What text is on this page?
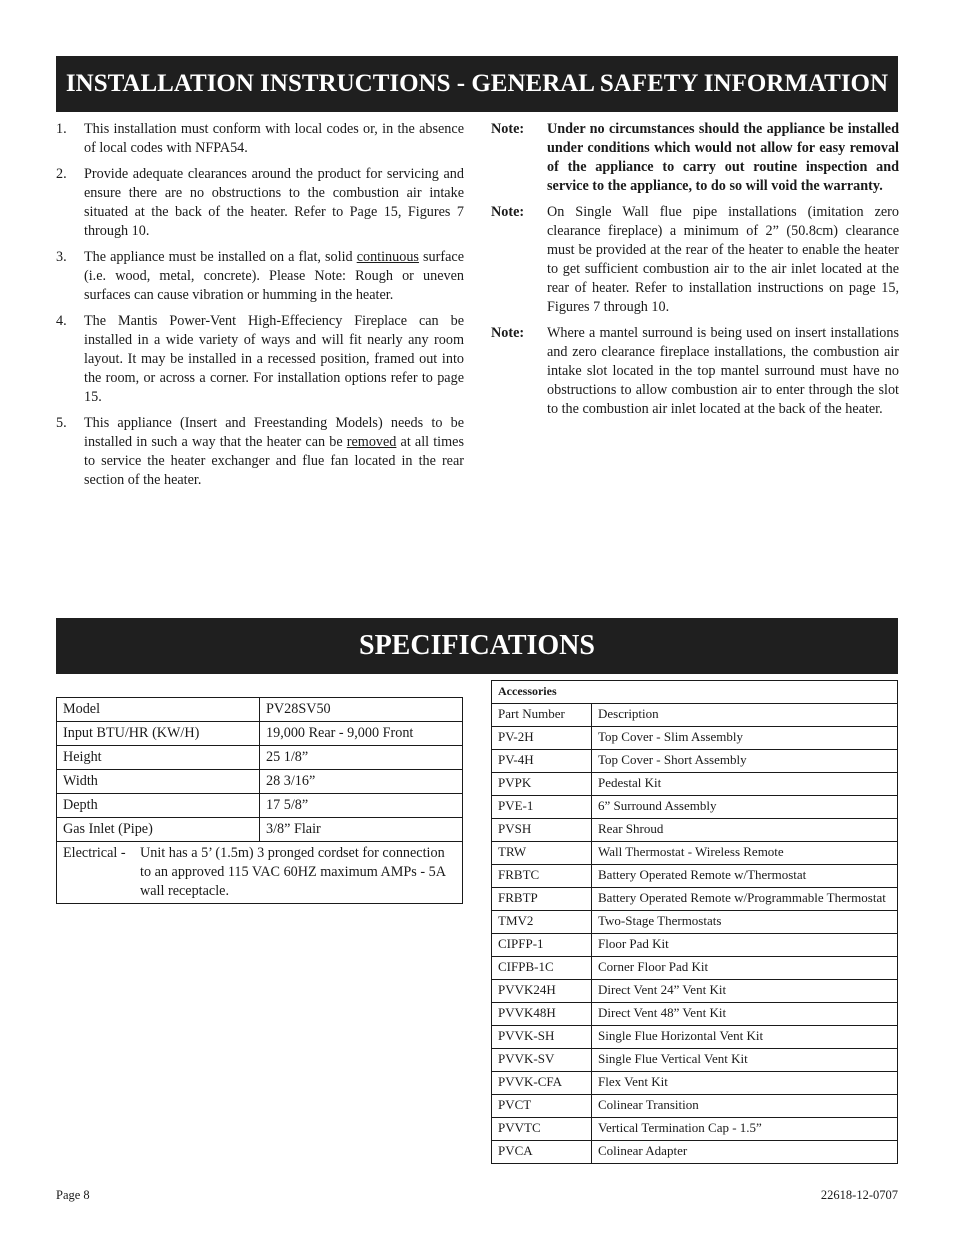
INSTALLATION INSTRUCTIONS - GENERAL SAFETY INFORMATION
1.	This installation must conform with local codes or, in the absence of local codes with NFPA54.
2.	Provide adequate clearances around the product for servicing and ensure there are no obstructions to the combustion air intake situated at the back of the heater. Refer to Page 15, Figures 7 through 10.
3.	The appliance must be installed on a flat, solid continuous surface (i.e. wood, metal, concrete). Please Note: Rough or uneven surfaces can cause vibration or humming in the heater.
4.	The Mantis Power-Vent High-Effeciency Fireplace can be installed in a wide variety of ways and will fit nearly any room layout. It may be installed in a recessed position, framed out into the room, or across a corner. For installation options refer to page 15.
5.	This appliance (Insert and Freestanding Models) needs to be installed in such a way that the heater can be removed at all times to service the heater exchanger and flue fan located in the rear section of the heater.
Note:	Under no circumstances should the appliance be installed under conditions which would not allow for easy removal of the appliance to carry out routine inspection and service to the appliance, to do so will void the warranty.
Note:	On Single Wall flue pipe installations (imitation zero clearance fireplace) a minimum of 2” (50.8cm) clearance must be provided at the rear of the heater to enable the heater to get sufficient combustion air to the air inlet located at the rear of heater. Refer to installation instructions on page 15, Figures 7 through 10.
Note:	Where a mantel surround is being used on insert installations and zero clearance fireplace installations, the combustion air intake slot located in the top mantel surround must have no obstructions to allow combustion air to enter through the slot to the combustion air inlet located at the back of the heater.
SPECIFICATIONS
Model	PV28SV50
Input BTU/HR (KW/H)	19,000 Rear - 9,000 Front
Height	25 1/8”
Width	28 3/16”
Depth	17 5/8”
Gas Inlet (Pipe)	3/8” Flair

Electrical - Unit has a 5’ (1.5m) 3 pronged cordset for connection to an approved 115 VAC 60HZ maximum AMPs - 5A wall receptacle.	
Accessories	
Part Number	Description
PV-2H	Top Cover - Slim Assembly
PV-4H	Top Cover - Short Assembly
PVPK	Pedestal Kit
PVE-1	6” Surround Assembly
PVSH	Rear Shroud
TRW	Wall Thermostat - Wireless Remote
FRBTC	Battery Operated Remote w/Thermostat
FRBTP	Battery Operated Remote w/Programmable Thermostat
TMV2	Two-Stage Thermostats
CIPFP-1	Floor Pad Kit
CIFPB-1C	Corner Floor Pad Kit
PVVK24H	Direct Vent 24” Vent Kit
PVVK48H	Direct Vent 48” Vent Kit
PVVK-SH	Single Flue Horizontal Vent Kit
PVVK-SV	Single Flue Vertical Vent Kit
PVVK-CFA	Flex Vent Kit
PVCT	Colinear Transition
PVVTC	Vertical Termination Cap - 1.5”
PVCA	Colinear Adapter
Page 8	22618-12-0707
